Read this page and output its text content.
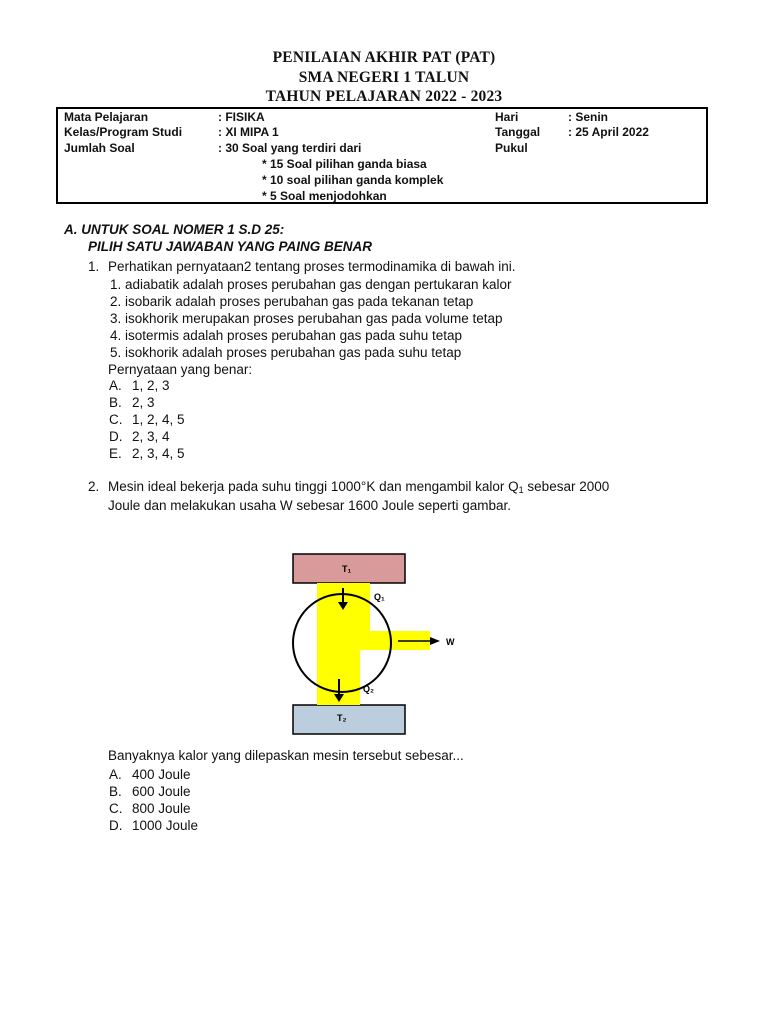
PENILAIAN AKHIR PAT (PAT)
SMA NEGERI 1 TALUN
TAHUN PELAJARAN 2022 - 2023
Mata Pelajaran	: FISIKA	Hari	: Senin
Kelas/Program Studi	: XI MIPA 1	Tanggal : 25 April 2022
Jumlah Soal	: 30 Soal yang terdiri dari	Pukul
* 15 Soal pilihan ganda biasa
* 10 soal pilihan ganda komplek
* 5 Soal menjodohkan
A. UNTUK SOAL NOMER 1 S.D 25:
PILIH SATU JAWABAN YANG PAING BENAR
1. Perhatikan pernyataan2 tentang proses termodinamika di bawah ini.
1. adiabatik adalah proses perubahan gas dengan pertukaran kalor
2. isobarik adalah proses perubahan gas pada tekanan tetap
3. isokhorik merupakan proses perubahan gas pada volume tetap
4. isotermis adalah proses perubahan gas pada suhu tetap
5. isokhorik adalah proses perubahan gas pada suhu tetap
Pernyataan yang benar:
A. 1, 2, 3
B. 2, 3
C. 1, 2, 4, 5
D. 2, 3, 4
E. 2, 3, 4, 5
2. Mesin ideal bekerja pada suhu tinggi 1000°K dan mengambil kalor $Q_1$ sebesar 2000
Joule dan melakukan usaha W sebesar 1600 Joule seperti gambar.
T₁
T₂
Q₁
Q₂
W
Banyaknya kalor yang dilepaskan mesin tersebut sebesar...
A. 400 Joule
B. 600 Joule
C. 800 Joule
D. 1000 Joule
